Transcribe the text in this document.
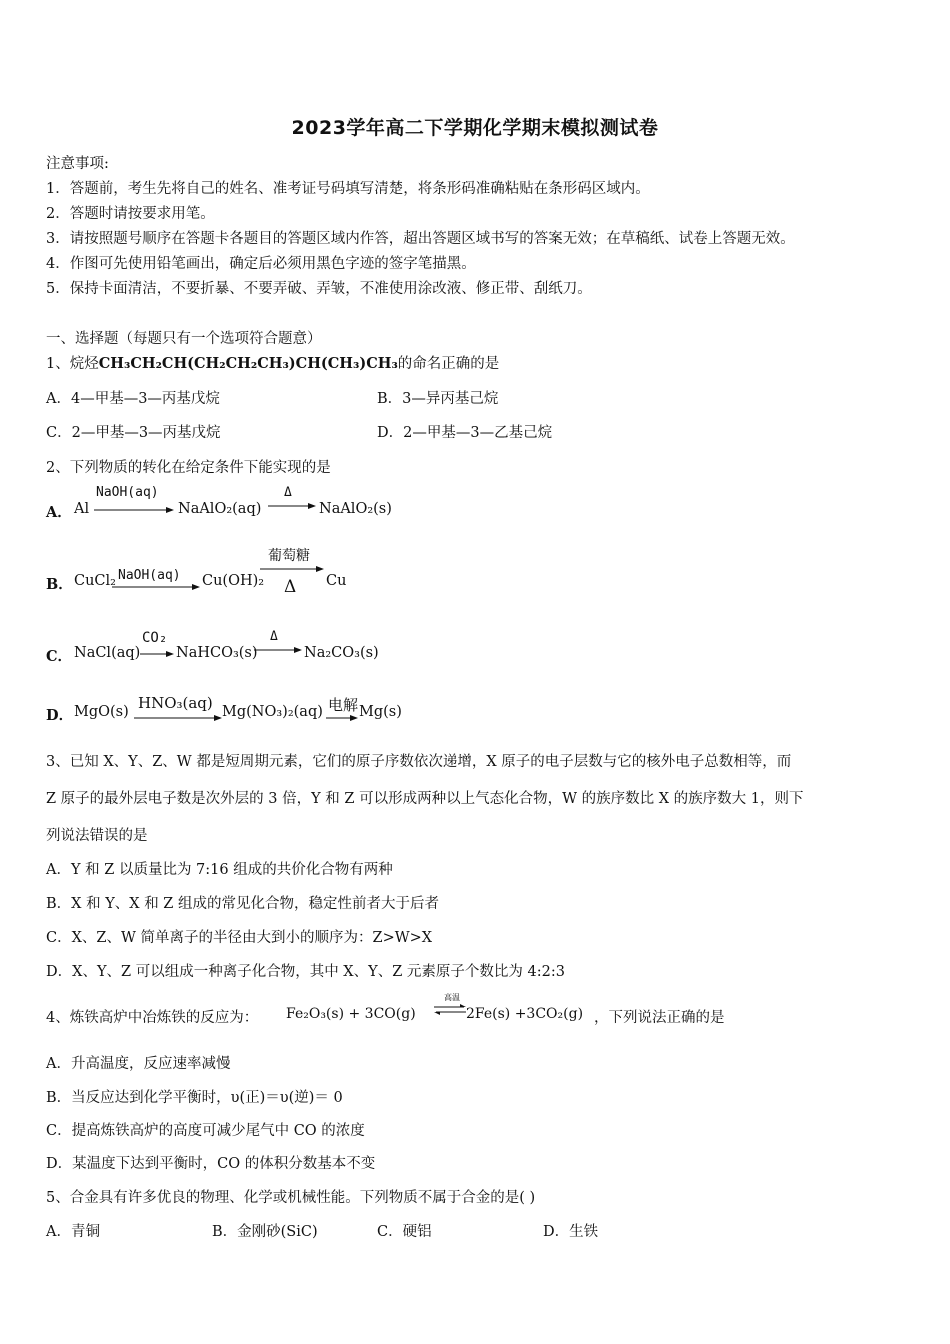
2023学年高二下学期化学期末模拟测试卷
注意事项:
1．答题前，考生先将自己的姓名、准考证号码填写清楚，将条形码准确粘贴在条形码区域内。
2．答题时请按要求用笔。
3．请按照题号顺序在答题卡各题目的答题区域内作答，超出答题区域书写的答案无效；在草稿纸、试卷上答题无效。
4．作图可先使用铅笔画出，确定后必须用黑色字迹的签字笔描黑。
5．保持卡面清洁，不要折暴、不要弄破、弄皱，不准使用涂改液、修正带、刮纸刀。
一、选择题（每题只有一个选项符合题意）
1、烷烃CH₃CH₂CH(CH₂CH₂CH₃)CH(CH₃)CH₃的命名正确的是
A．4—甲基—3—丙基戊烷	B．3—异丙基己烷
C．2—甲基—3—丙基戊烷	D．2—甲基—3—乙基己烷
2、下列物质的转化在给定条件下能实现的是
A． Al
NaOH(aq)
NaAlO₂(aq)
Δ
→ NaAlO₂(s)
B． CuCl₂ NaOH(aq) Cu(OH)₂
葡萄糖
Δ Cu
C． NaCl(aq)
CO₂
→ NaHCO₃(s)
Δ
→ Na₂CO₃(s)
D． MgO(s) HNO₃(aq) Mg(NO₃)₂(aq) 电解 → Mg(s)
3、已知 X、Y、Z、W 都是短周期元素，它们的原子序数依次递增，X 原子的电子层数与它的核外电子总数相等，而
Z 原子的最外层电子数是次外层的 3 倍，Y 和 Z 可以形成两种以上气态化合物，W 的族序数比 X 的族序数大 1，则下
列说法错误的是
A．Y 和 Z 以质量比为 7:16 组成的共价化合物有两种
B．X 和 Y、X 和 Z 组成的常见化合物，稳定性前者大于后者
C．X、Z、W 简单离子的半径由大到小的顺序为：Z>W>X
D．X、Y、Z 可以组成一种离子化合物，其中 X、Y、Z 元素原子个数比为 4:2:3
4、炼铁高炉中冶炼铁的反应为： Fe₂O₃(s) + 3CO(g)
高温
2Fe(s) +3CO₂(g) ，下列说法正确的是
A．升高温度，反应速率减慢
B．当反应达到化学平衡时，υ(正)＝υ(逆)＝ 0
C．提高炼铁高炉的高度可减少尾气中 CO 的浓度
D．某温度下达到平衡时，CO 的体积分数基本不变
5、合金具有许多优良的物理、化学或机械性能。下列物质不属于合金的是( )
A．青铜	B．金刚砂(SiC)	C．硬铝	D．生铁
